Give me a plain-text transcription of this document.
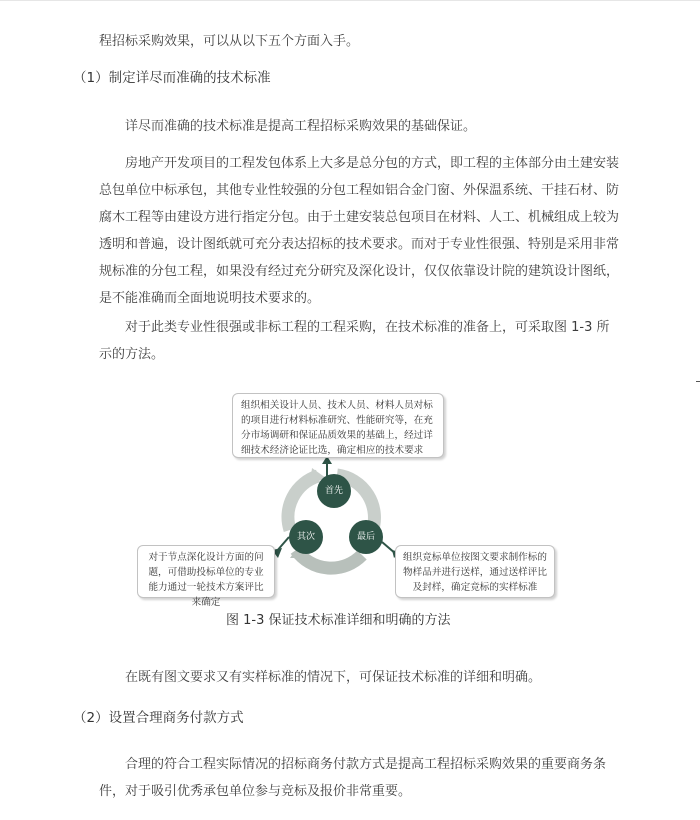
程招标采购效果，可以从以下五个方面入手。

（1）制定详尽而准确的技术标准

详尽而准确的技术标准是提高工程招标采购效果的基础保证。

房地产开发项目的工程发包体系上大多是总分包的方式，即工程的主体部分由土建安装总包单位中标承包，其他专业性较强的分包工程如铝合金门窗、外保温系统、干挂石材、防腐木工程等由建设方进行指定分包。由于土建安装总包项目在材料、人工、机械组成上较为透明和普遍，设计图纸就可充分表达招标的技术要求。而对于专业性很强、特别是采用非常规标准的分包工程，如果没有经过充分研究及深化设计，仅仅依靠设计院的建筑设计图纸，是不能准确而全面地说明技术要求的。

对于此类专业性很强或非标工程的工程采购，在技术标准的准备上，可采取图 1-3 所示的方法。

首先
最后
其次
组织相关设计人员、技术人员、材料人员对标的项目进行材料标准研究、性能研究等，在充分市场调研和保证品质效果的基础上，经过详细技术经济论证比选，确定相应的技术要求
对于节点深化设计方面的问题，可借助投标单位的专业能力通过一轮技术方案评比来确定
组织竞标单位按图文要求制作标的物样品并进行送样，通过送样评比及封样，确定竞标的实样标准
图 1-3 保证技术标准详细和明确的方法

在既有图文要求又有实样标准的情况下，可保证技术标准的详细和明确。

（2）设置合理商务付款方式

合理的符合工程实际情况的招标商务付款方式是提高工程招标采购效果的重要商务条件，对于吸引优秀承包单位参与竞标及报价非常重要。
